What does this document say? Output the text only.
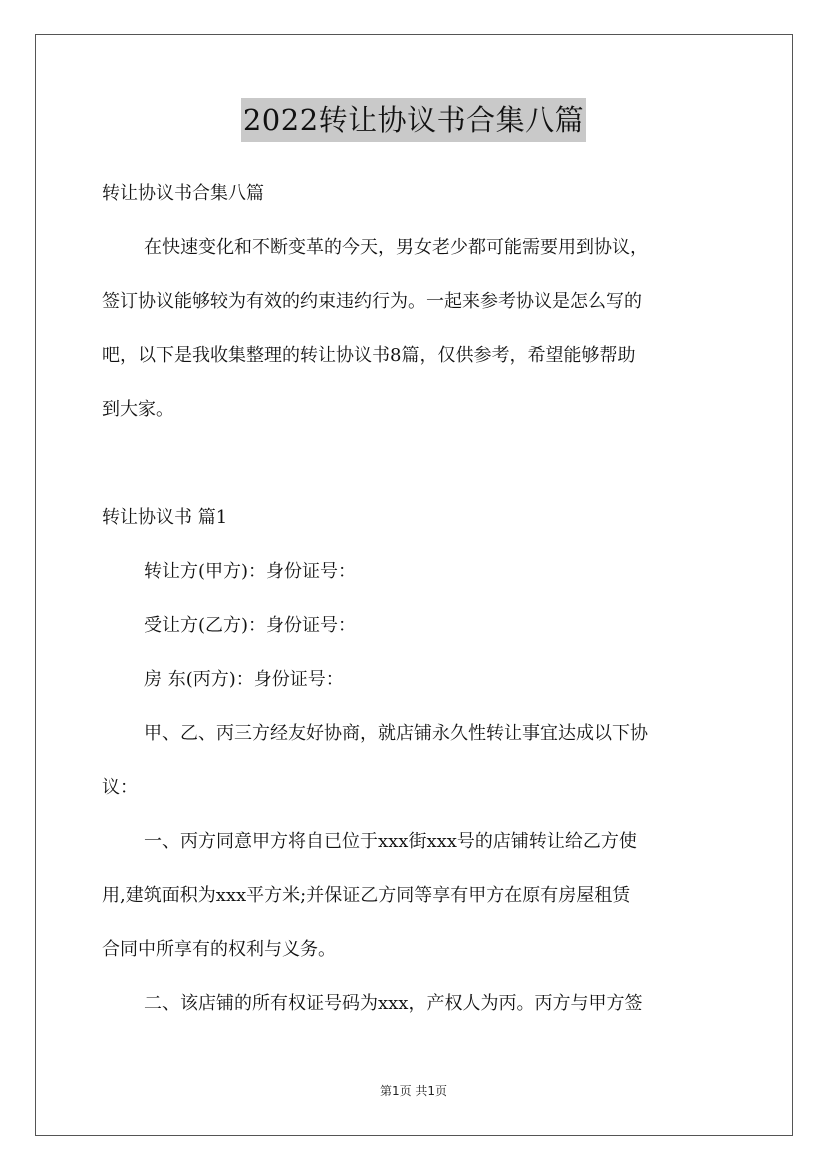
2022转让协议书合集八篇
转让协议书合集八篇
在快速变化和不断变革的今天，男女老少都可能需要用到协议，
签订协议能够较为有效的约束违约行为。一起来参考协议是怎么写的
吧，以下是我收集整理的转让协议书8篇，仅供参考，希望能够帮助
到大家。
转让协议书 篇1
转让方(甲方)：身份证号：
受让方(乙方)：身份证号：
房 东(丙方)：身份证号：
甲、乙、丙三方经友好协商，就店铺永久性转让事宜达成以下协
议：
一、丙方同意甲方将自已位于xxx街xxx号的店铺转让给乙方使
用,建筑面积为xxx平方米;并保证乙方同等享有甲方在原有房屋租赁
合同中所享有的权利与义务。
二、该店铺的所有权证号码为xxx，产权人为丙。丙方与甲方签
第1页 共1页
